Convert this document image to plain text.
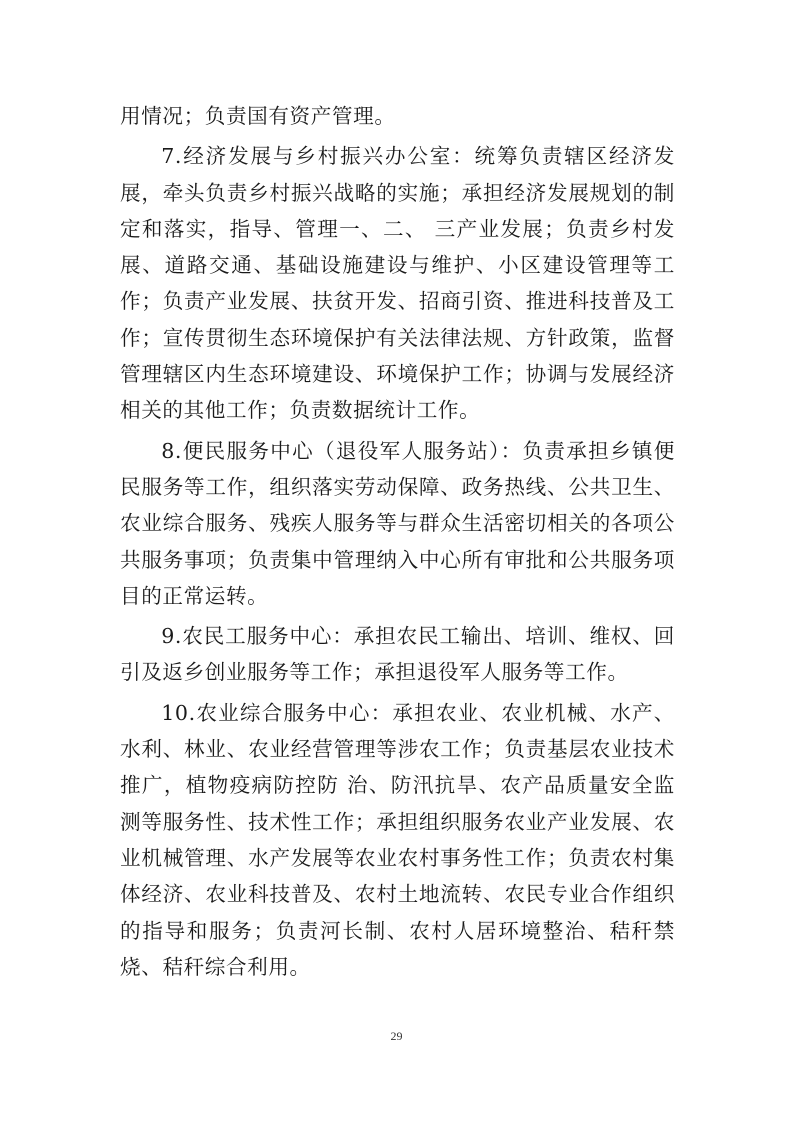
用情况；负责国有资产管理。

7.经济发展与乡村振兴办公室：统筹负责辖区经济发展，牵头负责乡村振兴战略的实施；承担经济发展规划的制定和落实，指导、管理一、二、 三产业发展；负责乡村发展、道路交通、基础设施建设与维护、小区建设管理等工作；负责产业发展、扶贫开发、招商引资、推进科技普及工作；宣传贯彻生态环境保护有关法律法规、方针政策，监督管理辖区内生态环境建设、环境保护工作；协调与发展经济相关的其他工作；负责数据统计工作。

8.便民服务中心（退役军人服务站）：负责承担乡镇便民服务等工作，组织落实劳动保障、政务热线、公共卫生、农业综合服务、残疾人服务等与群众生活密切相关的各项公共服务事项；负责集中管理纳入中心所有审批和公共服务项目的正常运转。

9.农民工服务中心：承担农民工输出、培训、维权、回引及返乡创业服务等工作；承担退役军人服务等工作。

10.农业综合服务中心：承担农业、农业机械、水产、水利、林业、农业经营管理等涉农工作；负责基层农业技术推广，植物疫病防控防 治、防汛抗旱、农产品质量安全监测等服务性、技术性工作；承担组织服务农业产业发展、农业机械管理、水产发展等农业农村事务性工作；负责农村集体经济、农业科技普及、农村土地流转、农民专业合作组织的指导和服务；负责河长制、农村人居环境整治、秸秆禁烧、秸秆综合利用。

29
